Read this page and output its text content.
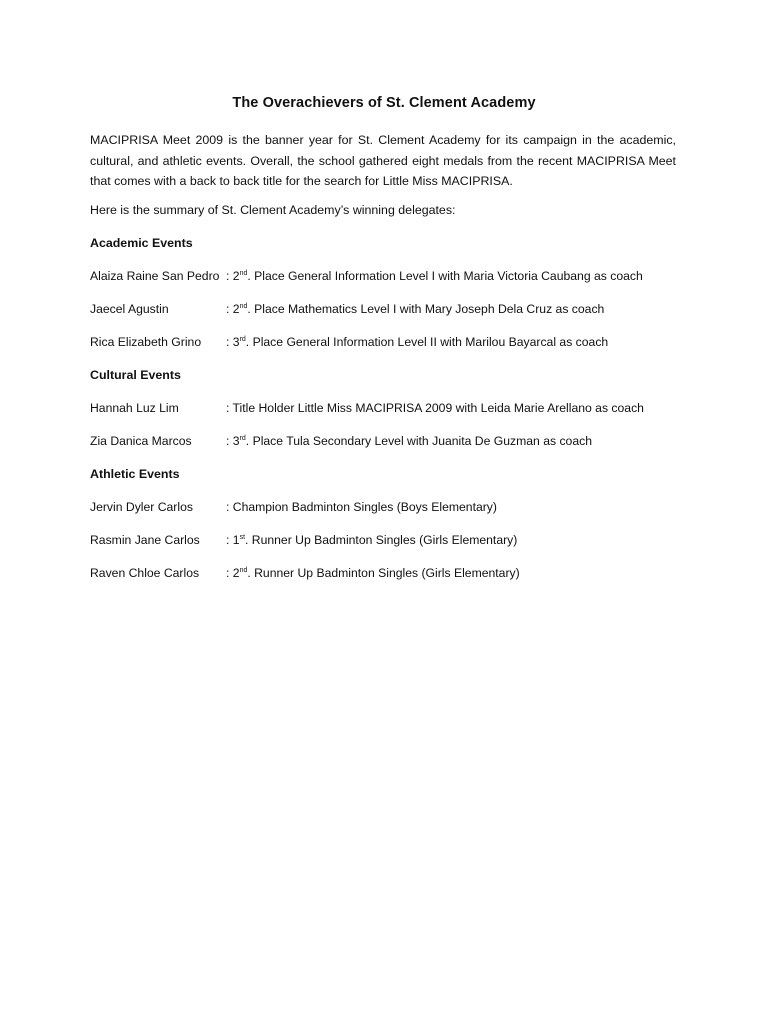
The Overachievers of St. Clement Academy
MACIPRISA Meet 2009 is the banner year for St. Clement Academy for its campaign in the academic,
cultural, and athletic events. Overall, the school gathered eight medals from the recent MACIPRISA Meet
that comes with a back to back title for the search for Little Miss MACIPRISA.
Here is the summary of St. Clement Academy’s winning delegates:
Academic Events
Alaiza Raine San Pedro : 2nd. Place General Information Level I with Maria Victoria Caubang as coach
Jaecel Agustin	: 2nd. Place Mathematics Level I with Mary Joseph Dela Cruz as coach
Rica Elizabeth Grino : 3rd. Place General Information Level II with Marilou Bayarcal as coach
Cultural Events
Hannah Luz Lim	: Title Holder Little Miss MACIPRISA 2009 with Leida Marie Arellano as coach
Zia Danica Marcos	: 3rd. Place Tula Secondary Level with Juanita De Guzman as coach
Athletic Events
Jervin Dyler Carlos	: Champion Badminton Singles (Boys Elementary)
Rasmin Jane Carlos : 1st. Runner Up Badminton Singles (Girls Elementary)
Raven Chloe Carlos : 2nd. Runner Up Badminton Singles (Girls Elementary)
